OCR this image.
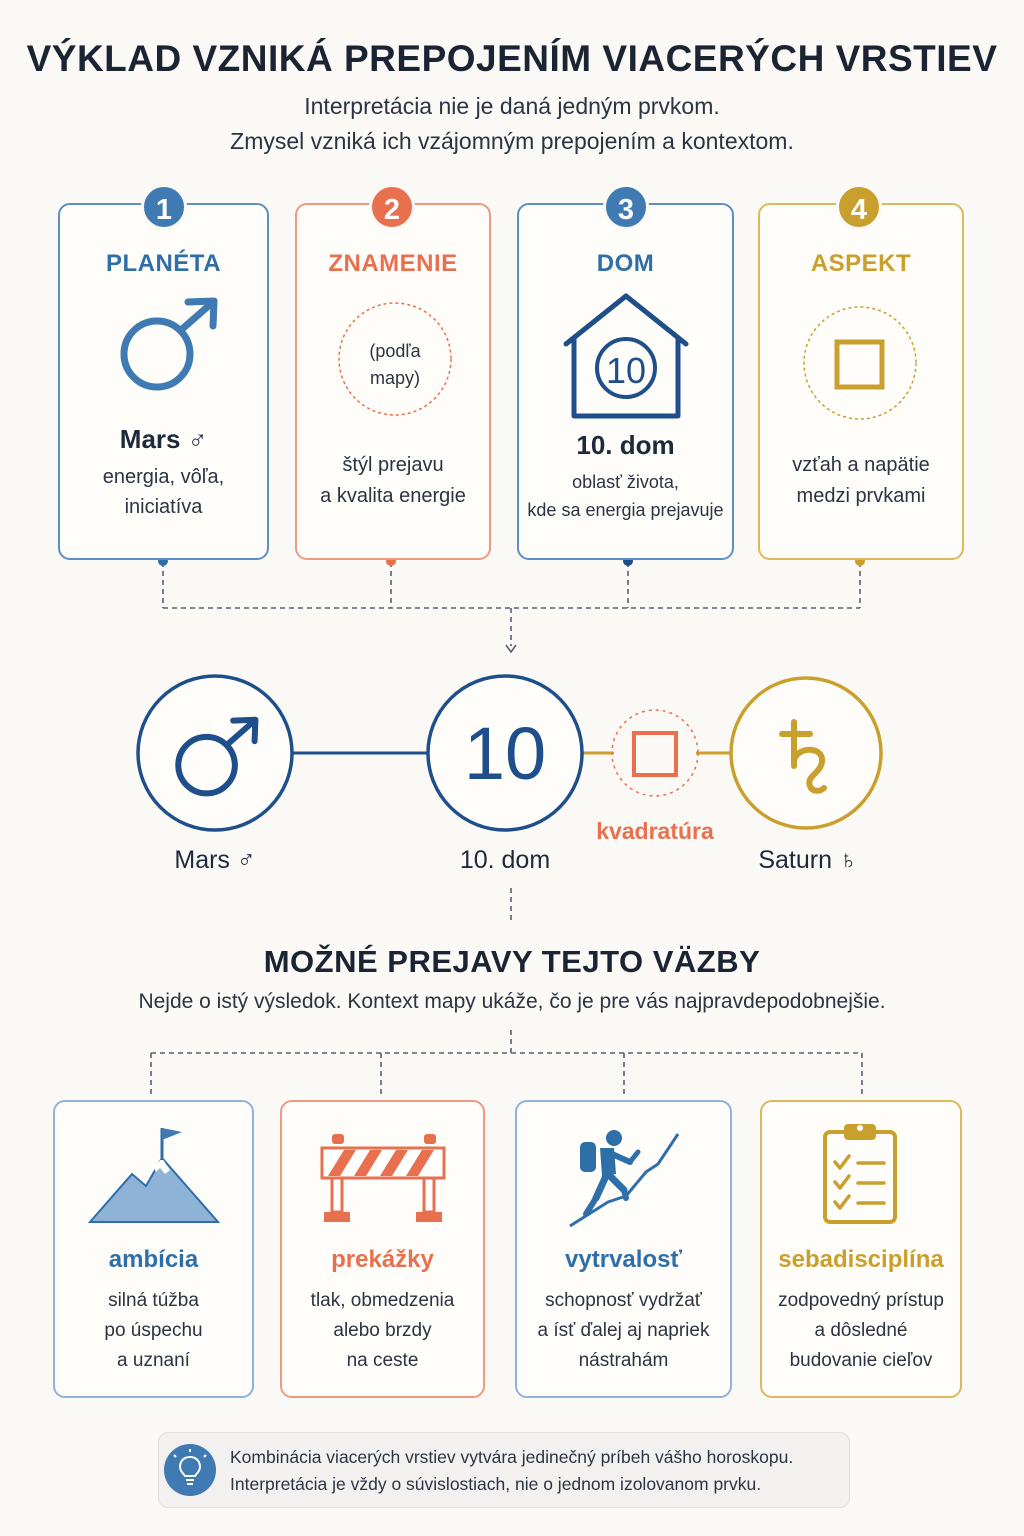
VÝKLAD VZNIKÁ PREPOJENÍM VIACERÝCH VRSTIEV
Interpretácia nie je daná jedným prvkom.
Zmysel vzniká ich vzájomným prepojením a kontextom.
1
PLANÉTA
Mars ♂
energia, vôľa,
iniciatíva
2
ZNAMENIE
(podľa
mapy)
štýl prejavu
a kvalita energie
3
DOM
10
10. dom
oblasť života,
kde sa energia prejavuje
4
ASPEKT
vzťah a napätie
medzi prvkami
10
Mars ♂	10. dom
kvadratúra
Saturn ♄
MOŽNÉ PREJAVY TEJTO VÄZBY
Nejde o istý výsledok. Kontext mapy ukáže, čo je pre vás najpravdepodobnejšie.
ambícia
silná túžba
po úspechu
a uznaní
prekážky
tlak, obmedzenia
alebo brzdy
na ceste
vytrvalosť
schopnosť vydržať
a ísť ďalej aj napriek
nástrahám
sebadisciplína
zodpovedný prístup
a dôsledné
budovanie cieľov
Kombinácia viacerých vrstiev vytvára jedinečný príbeh vášho horoskopu.
Interpretácia je vždy o súvislostiach, nie o jednom izolovanom prvku.
